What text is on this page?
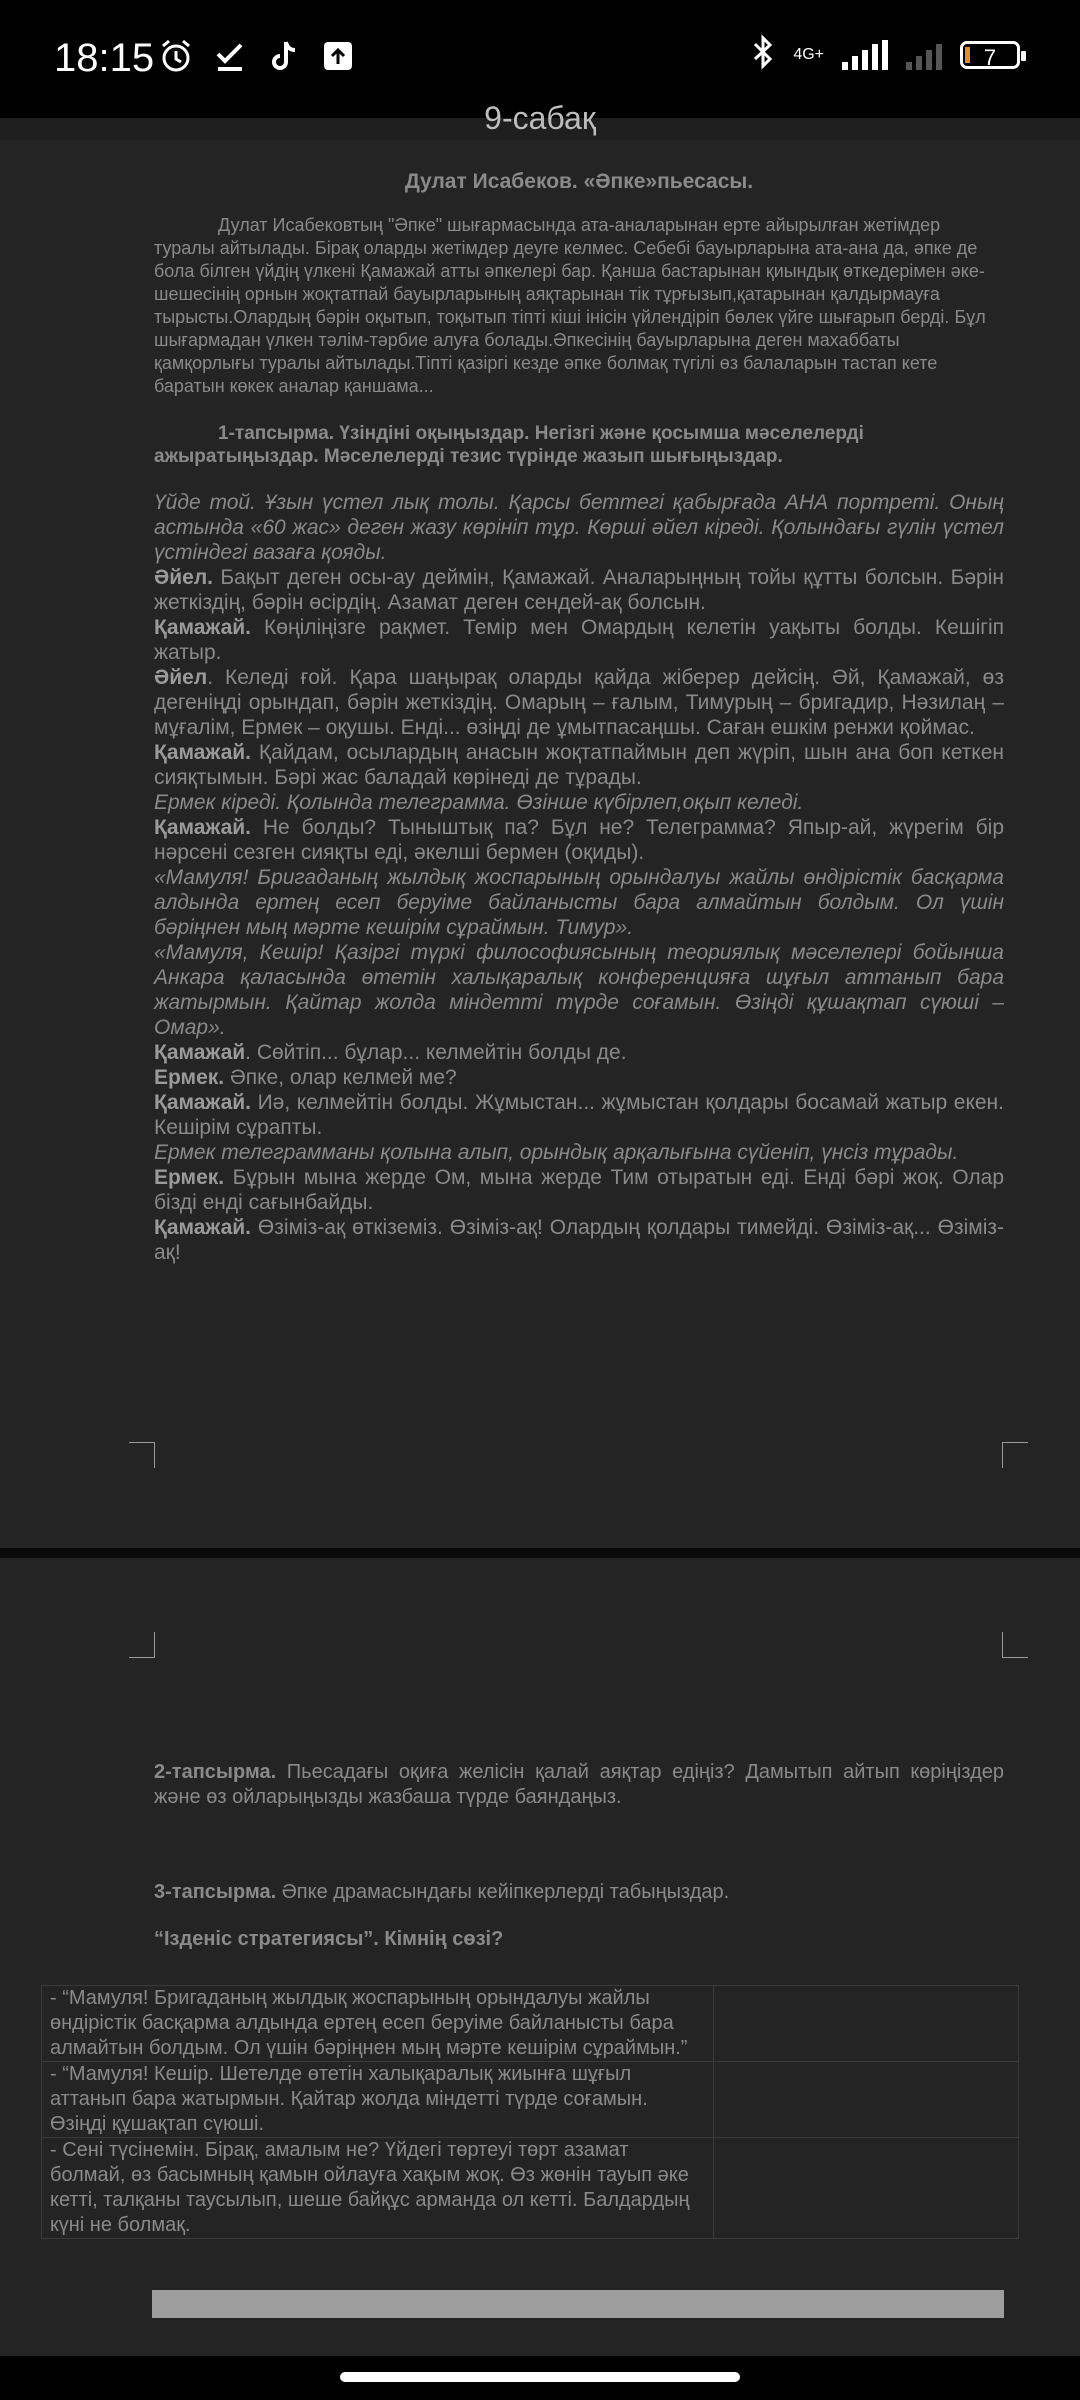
18:15	4G+	7
9-сабақ
Дулат Исабеков. «Әпке»пьесасы.

Дулат Исабековтың "Әпке" шығармасында ата-аналарынан ерте айырылған жетімдер туралы айтылады. Бірақ оларды жетімдер деуге келмес. Себебі бауырларына ата-ана да, әпке де бола білген үйдің үлкені Қамажай атты әпкелері бар. Қанша бастарынан қиындық өткедерімен әке- шешесінің орнын жоқтатпай бауырларының аяқтарынан тік тұрғызып,қатарынан қалдырмауға тырысты.Олардың бәрін оқытып, тоқытып тіпті кіші інісін үйлендіріп бөлек үйге шығарып берді. Бұл шығармадан үлкен тәлім-тәрбие алуға болады.Әпкесінің бауырларына деген махаббаты қамқорлығы туралы айтылады.Тіпті қазіргі кезде әпке болмақ түгілі өз балаларын тастап кете баратын көкек аналар қаншама...

1-тапсырма. Үзіндіні оқыңыздар. Негізгі және қосымша мәселелерді ажыратыңыздар. Мәселелерді тезис түрінде жазып шығыңыздар.

Үйде той. Ұзын үстел лық толы. Қарсы беттегі қабырғада АНА портреті. Оның астында «60 жас» деген жазу көрініп тұр. Көрші әйел кіреді. Қолындағы гүлін үстел үстіндегі вазаға қояды.

Әйел. Бақыт деген осы-ау деймін, Қамажай. Аналарыңның тойы құтты болсын. Бәрін жеткіздің, бәрін өсірдің. Азамат деген сендей-ақ болсын.

Қамажай. Көңіліңізге рақмет. Темір мен Омардың келетін уақыты болды. Кешігіп жатыр.

Әйел. Келеді ғой. Қара шаңырақ оларды қайда жіберер дейсің. Әй, Қамажай, өз дегеніңді орындап, бәрін жеткіздің. Омарың – ғалым, Тимурың – бригадир, Нәзилаң – мұғалім, Ермек – оқушы. Енді... өзіңді де ұмытпасаңшы. Саған ешкім ренжи қоймас.

Қамажай. Қайдам, осылардың анасын жоқтатпаймын деп жүріп, шын ана боп кеткен сияқтымын. Бәрі жас баладай көрінеді де тұрады.

Ермек кіреді. Қолында телеграмма. Өзінше күбірлеп,оқып келеді.

Қамажай. Не болды? Тыныштық па? Бұл не? Телеграмма? Япыр-ай, жүрегім бір нәрсені сезген сияқты еді, әкелші бермен (оқиды).

«Мамуля! Бригаданың жылдық жоспарының орындалуы жайлы өндірістік басқарма алдында ертең есеп беруіме байланысты бара алмайтын болдым. Ол үшін бәріңнен мың мәрте кешірім сұраймын. Тимур».

«Мамуля, Кешір! Қазіргі түркі философиясының теориялық мәселелері бойынша Анкара қаласында өтетін халықаралық конференцияға шұғыл аттанып бара жатырмын. Қайтар жолда міндетті түрде соғамын. Өзіңді құшақтап сүюші – Омар».

Қамажай. Сөйтіп... бұлар... келмейтін болды де.

Ермек. Әпке, олар келмей ме?

Қамажай. Иә, келмейтін болды. Жұмыстан... жұмыстан қолдары босамай жатыр екен. Кешірім сұрапты.

Ермек телеграмманы қолына алып, орындық арқалығына сүйеніп, үнсіз тұрады.

Ермек. Бұрын мына жерде Ом, мына жерде Тим отыратын еді. Енді бәрі жоқ. Олар бізді енді сағынбайды.

Қамажай. Өзіміз-ақ өткіземіз. Өзіміз-ақ! Олардың қолдары тимейді. Өзіміз-ақ... Өзіміз-ақ!

2-тапсырма. Пьесадағы оқиға желісін қалай аяқтар едіңіз? Дамытып айтып көріңіздер және өз ойларыңызды жазбаша түрде баяндаңыз.

3-тапсырма. Әпке драмасындағы кейіпкерлерді табыңыздар.

“Ізденіс стратегиясы”. Кімнің сөзі?

- “Мамуля! Бригаданың жылдық жоспарының орындалуы жайлы өндірістік басқарма алдында ертең есеп беруіме байланысты бара алмайтын болдым. Ол үшін бәріңнен мың мәрте кешірім сұраймын.”	
- “Мамуля! Кешір. Шетелде өтетін халықаралық жиынға шұғыл аттанып бара жатырмын. Қайтар жолда міндетті түрде соғамын. Өзіңді құшақтап сүюші.	
- Сені түсінемін. Бірақ, амалым не? Үйдегі төртеуі төрт азамат болмай, өз басымның қамын ойлауға хақым жоқ. Өз жөнін тауып әке кетті, талқаны таусылып, шеше байқұс арманда ол кетті. Балдардың күні не болмақ.	
